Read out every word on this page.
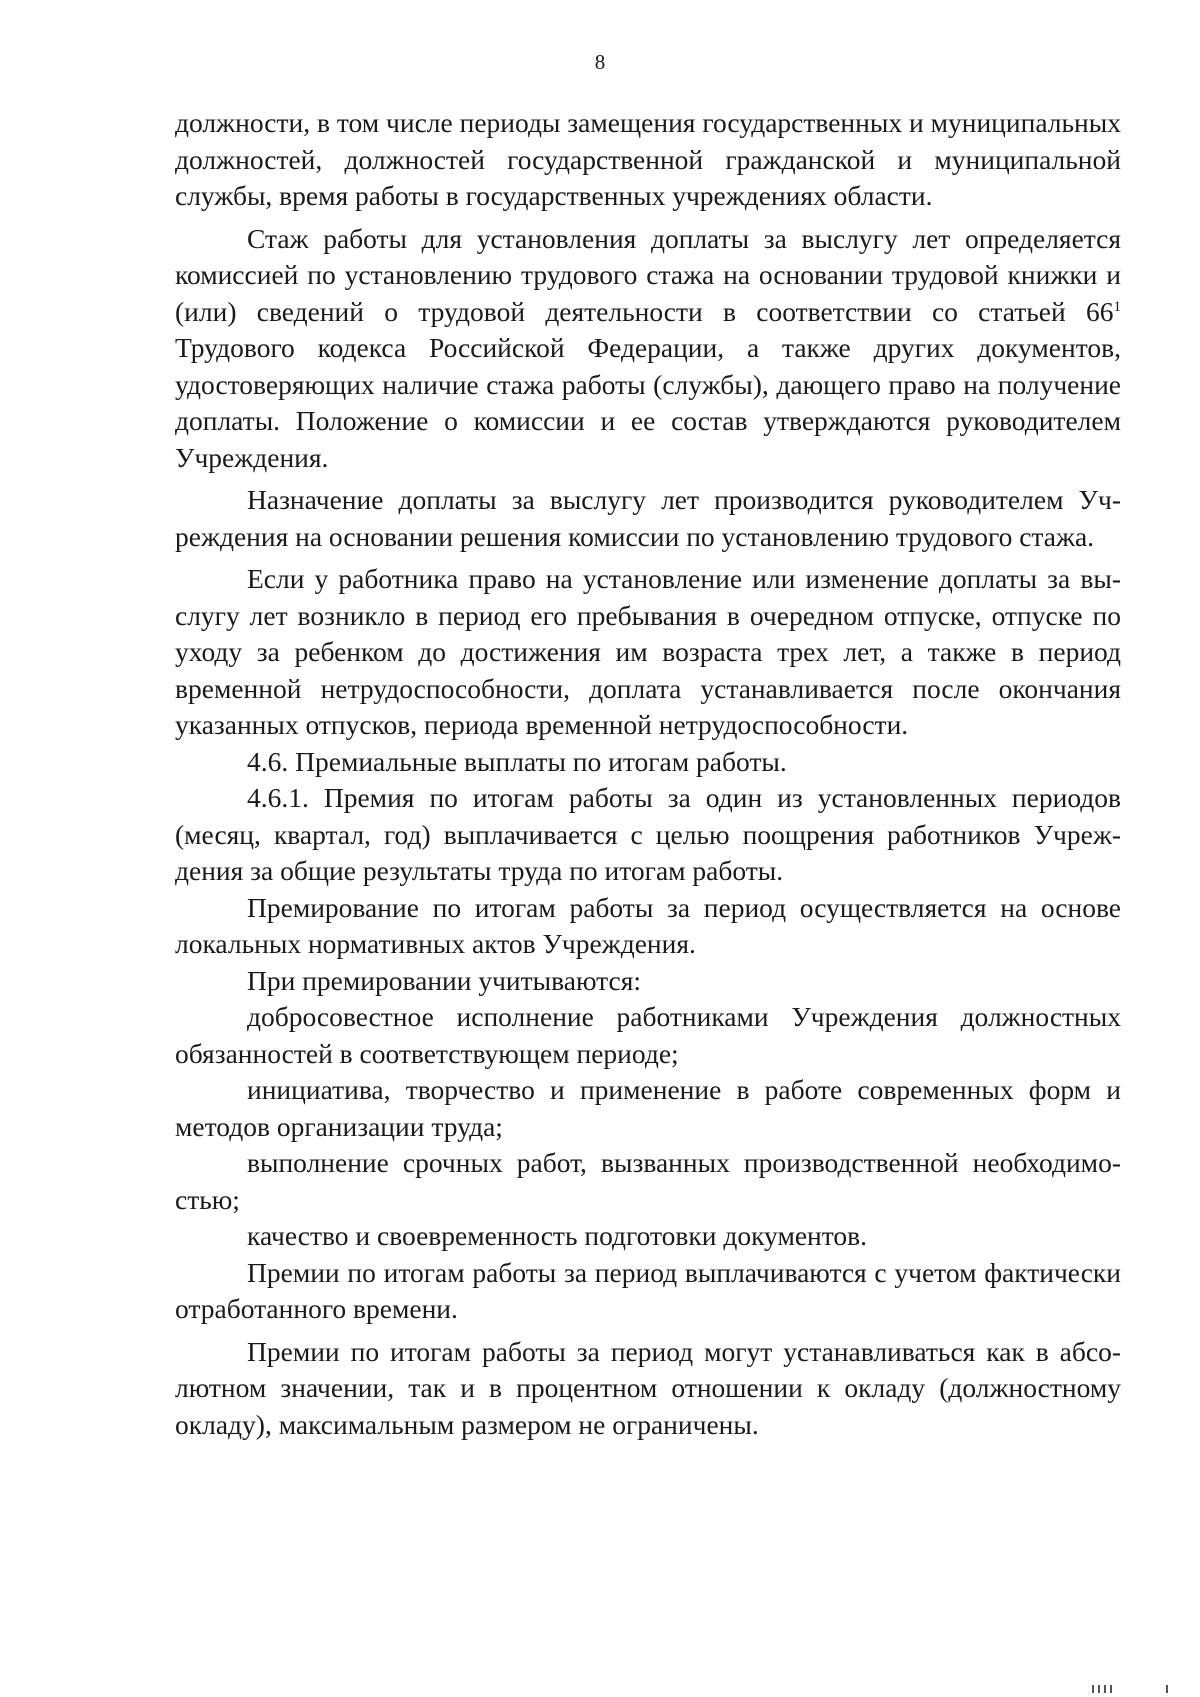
8

должности, в том числе периоды замещения государственных и муниципальных должностей, должностей государственной гражданской и муниципальной службы, время работы в государственных учреждениях области.

Стаж работы для установления доплаты за выслугу лет определяется комиссией по установлению трудового стажа на основании трудовой книжки и (или) сведений о трудовой деятельности в соответствии со статьей $66^1$ Трудового кодекса Российской Федерации, а также других документов, удостоверяющих наличие стажа работы (службы), дающего право на получение доплаты. Положение о комиссии и ее состав утверждаются руководителем Учреждения.

Назначение доплаты за выслугу лет производится руководителем Учреждения на основании решения комиссии по установлению трудового стажа.

Если у работника право на установление или изменение доплаты за выслугу лет возникло в период его пребывания в очередном отпуске, отпуске по уходу за ребенком до достижения им возраста трех лет, а также в период временной нетрудоспособности, доплата устанавливается после окончания указанных отпусков, периода временной нетрудоспособности.

4.6. Премиальные выплаты по итогам работы.

4.6.1. Премия по итогам работы за один из установленных периодов (месяц, квартал, год) выплачивается с целью поощрения работников Учреждения за общие результаты труда по итогам работы.

Премирование по итогам работы за период осуществляется на основе локальных нормативных актов Учреждения.

При премировании учитываются:

добросовестное исполнение работниками Учреждения должностных обязанностей в соответствующем периоде;

инициатива, творчество и применение в работе современных форм и методов организации труда;

выполнение срочных работ, вызванных производственной необходимостью;

качество и своевременность подготовки документов.

Премии по итогам работы за период выплачиваются с учетом фактически отработанного времени.

Премии по итогам работы за период могут устанавливаться как в абсолютном значении, так и в процентном отношении к окладу (должностному окладу), максимальным размером не ограничены.
